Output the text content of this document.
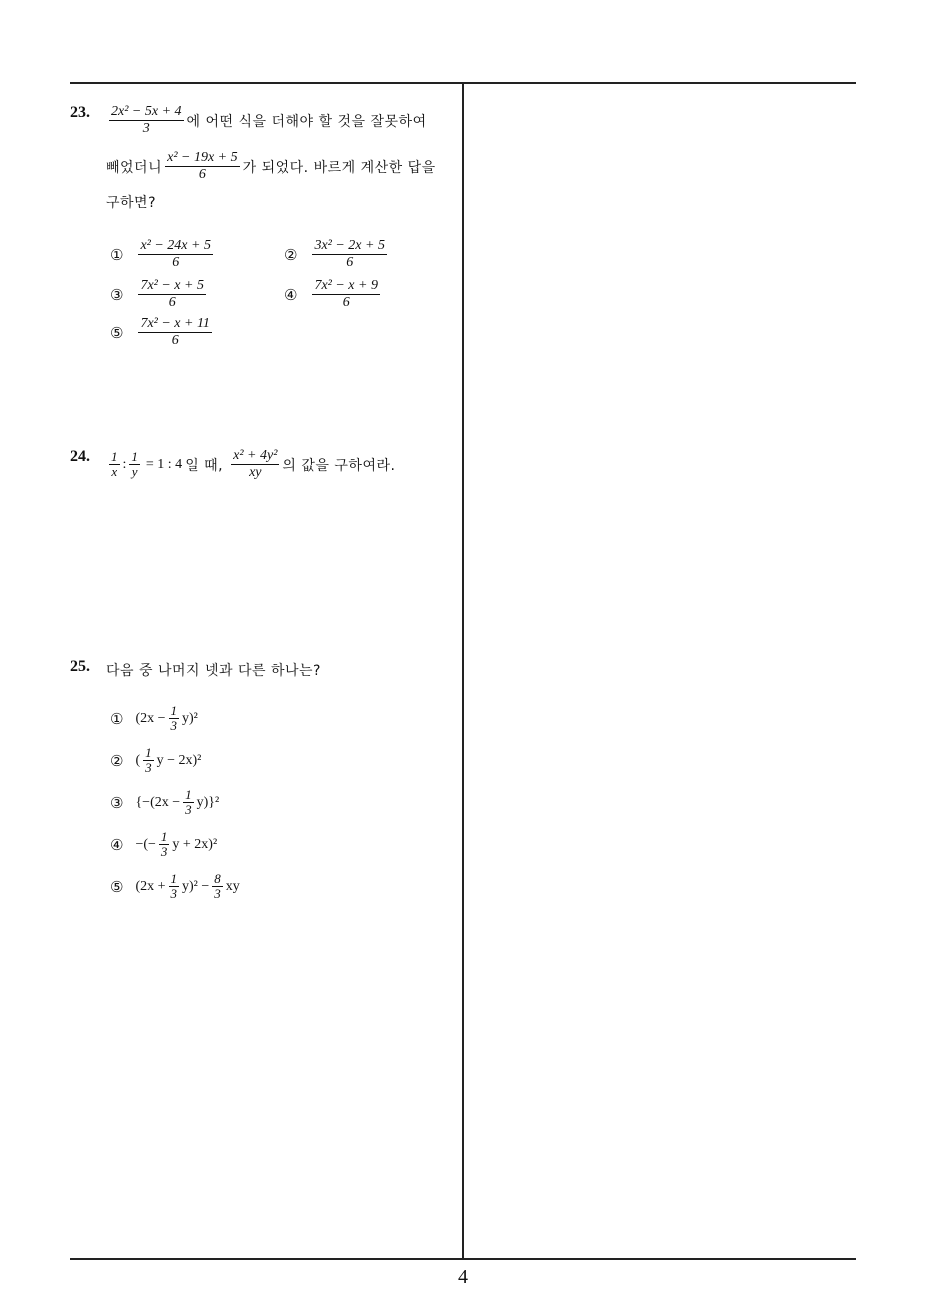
23. $\frac{\text{2x² − 5x + 4}}{3}$ 에 어떤 식을 더해야 할 것을 잘못하여
빼었더니 $\frac{\text{x² − 19x + 5}}{6}$ 가 되었다. 바르게 계산한 답을
구하면?
① $\frac{\text{x² − 24x + 5}}{6}$	② $\frac{\text{3x² − 2x + 5}}{6}$
③ $\frac{\text{7x² − x + 5}}{6}$	④ $\frac{\text{7x² − x + 9}}{6}$
⑤ $\frac{\text{7x² − x + 11}}{6}$
24. $\frac{1}{x}$ : $\frac{1}{y} = 1$ : 4 일 때, $\frac{\text{x² + 4y²}}{xy}$ 의 값을 구하여라.
25. 다음 중 나머지 넷과 다른 하나는?
① $(2x - \frac{1}{3} y)^2$
② ( $\frac{1}{3}$ y − 2x)²
③ $\{-(2x - \frac{1}{3} y)\}^2$
④ −(− $\frac{1}{3}$ y + 2x)²
⑤ $(2x + \frac{1}{3} y)^2 - \frac{8}{3}$ xy
4
